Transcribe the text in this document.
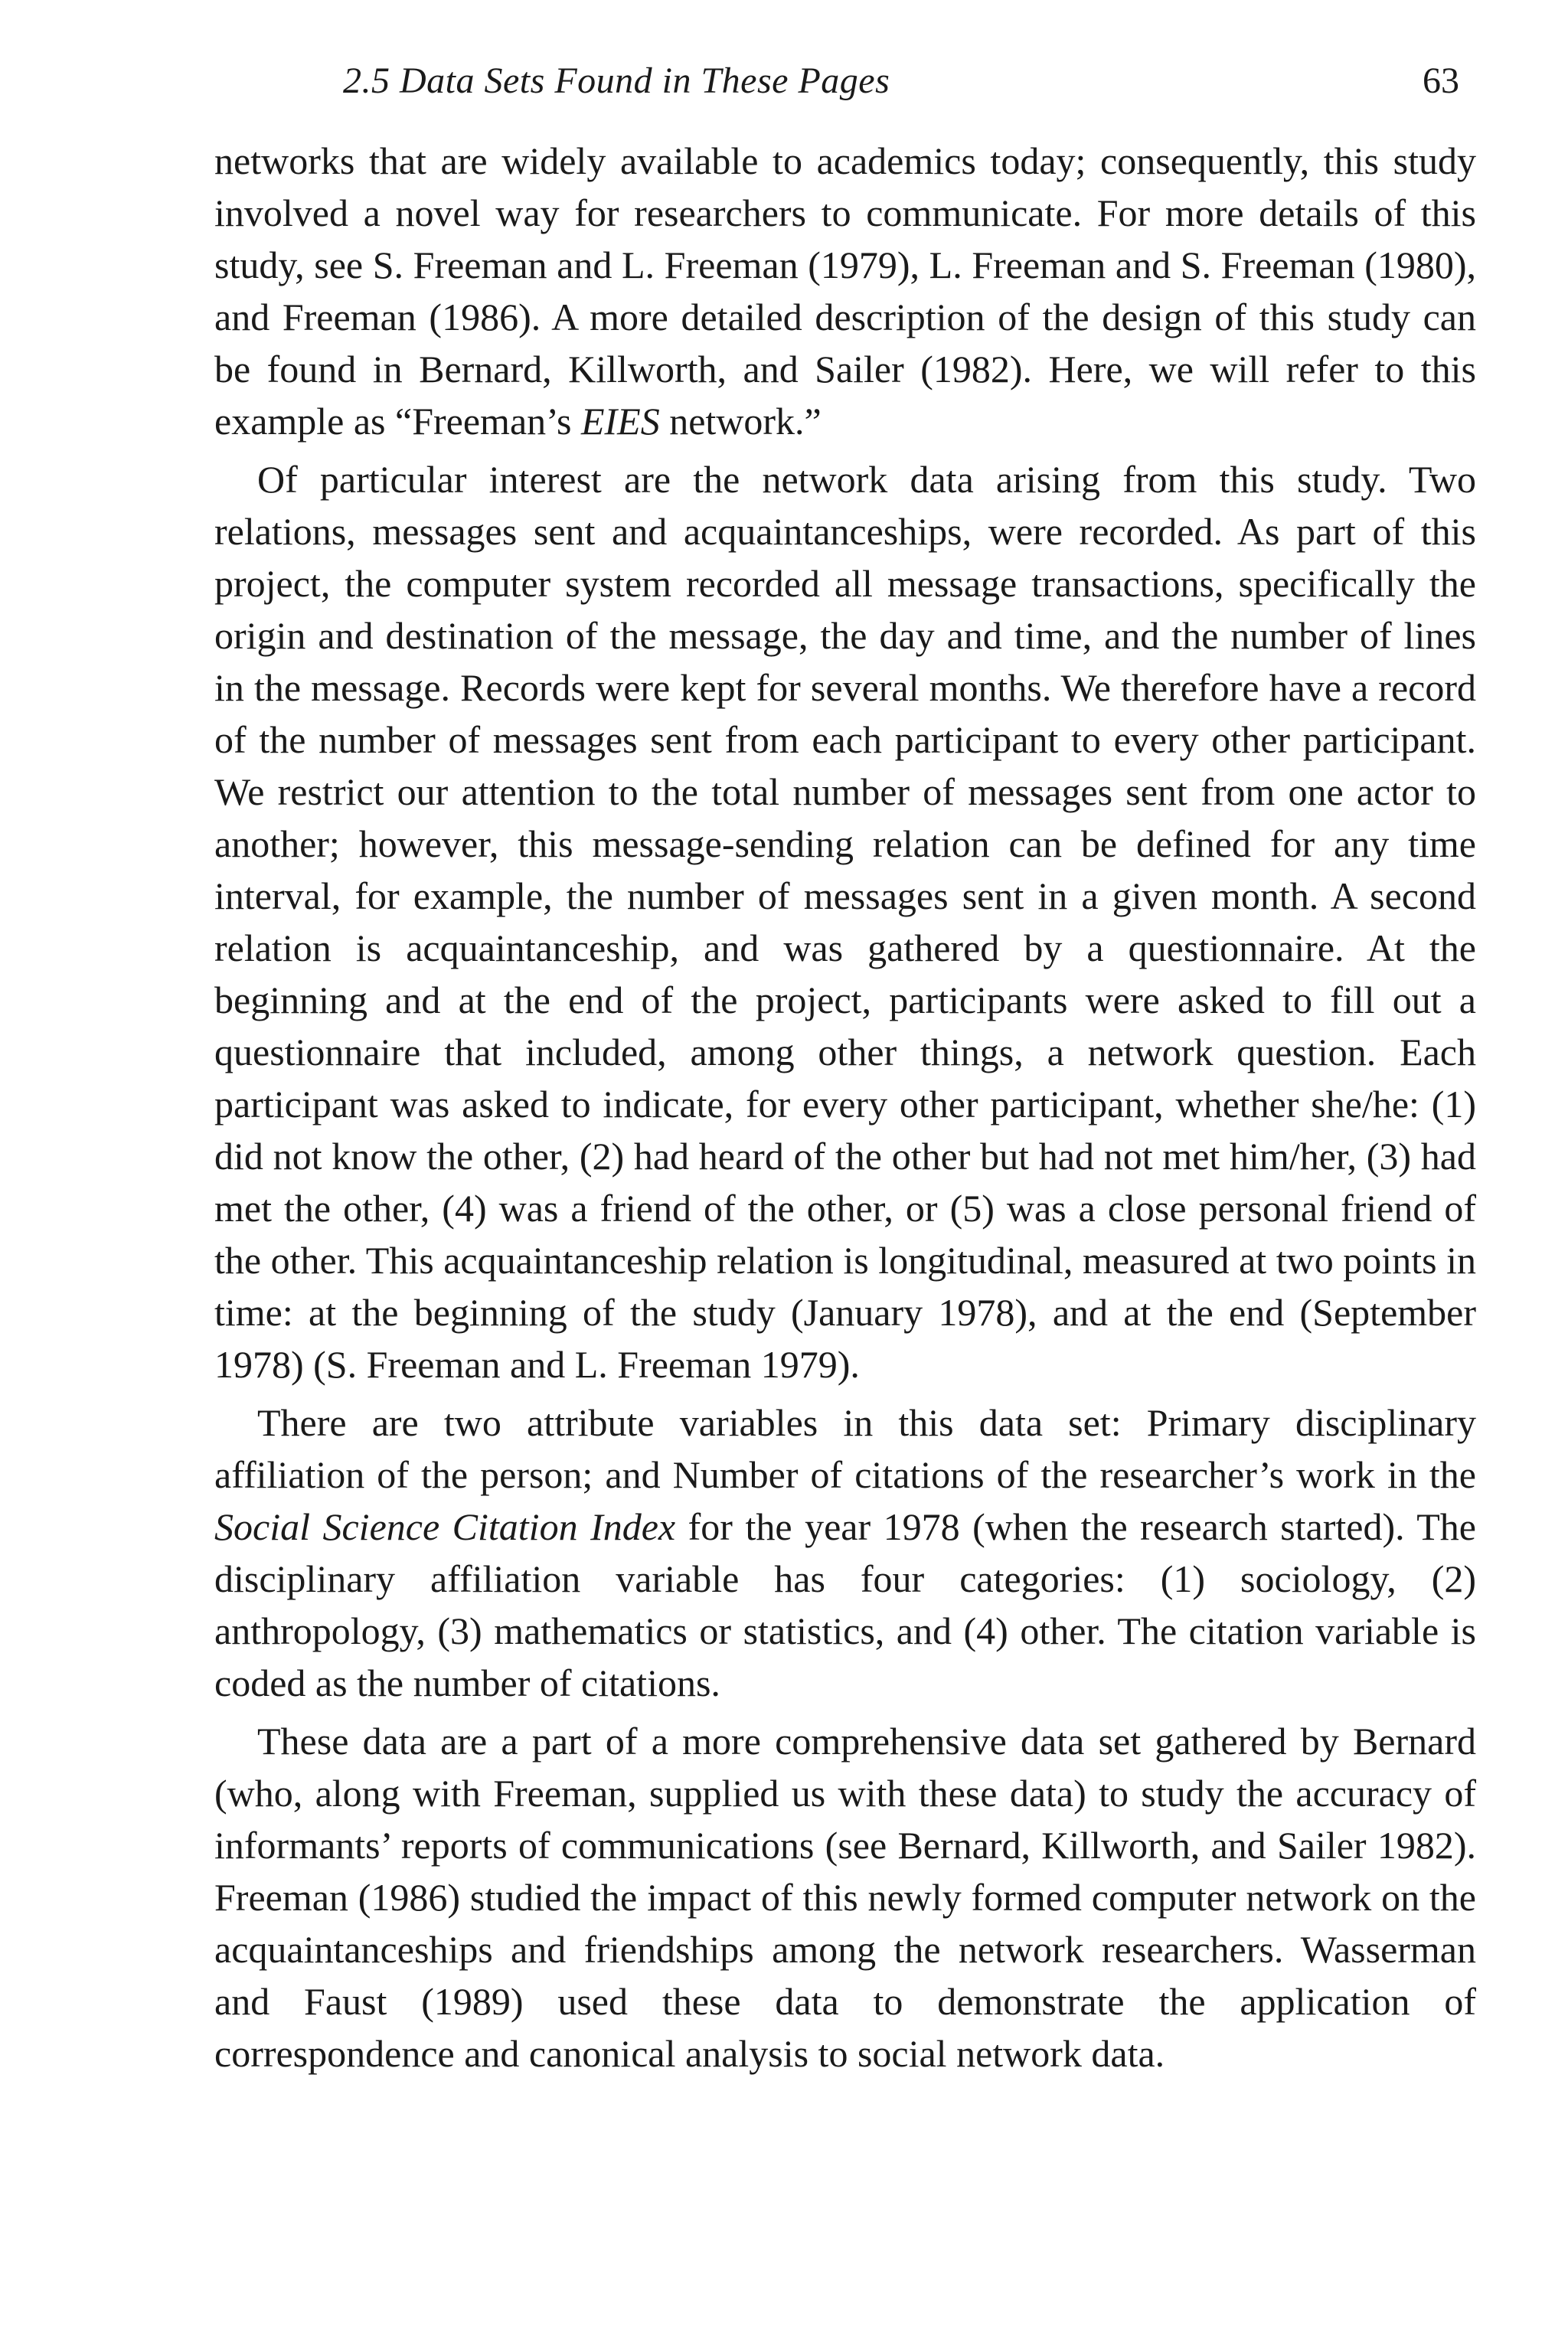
2.5 Data Sets Found in These Pages	63

networks that are widely available to academics today; consequently, this study involved a novel way for researchers to communicate. For more details of this study, see S. Freeman and L. Freeman (1979), L. Freeman and S. Freeman (1980), and Freeman (1986). A more detailed description of the design of this study can be found in Bernard, Killworth, and Sailer (1982). Here, we will refer to this example as “Freeman’s EIES network.”

Of particular interest are the network data arising from this study. Two relations, messages sent and acquaintanceships, were recorded. As part of this project, the computer system recorded all message transactions, specifically the origin and destination of the message, the day and time, and the number of lines in the message. Records were kept for several months. We therefore have a record of the number of messages sent from each participant to every other participant. We restrict our attention to the total number of messages sent from one actor to another; however, this message-sending relation can be defined for any time interval, for example, the number of messages sent in a given month. A second relation is acquaintanceship, and was gathered by a questionnaire. At the beginning and at the end of the project, participants were asked to fill out a questionnaire that included, among other things, a network question. Each participant was asked to indicate, for every other participant, whether she/he: (1) did not know the other, (2) had heard of the other but had not met him/her, (3) had met the other, (4) was a friend of the other, or (5) was a close personal friend of the other. This acquaintanceship relation is longitudinal, measured at two points in time: at the beginning of the study (January 1978), and at the end (September 1978) (S. Freeman and L. Freeman 1979).

There are two attribute variables in this data set: Primary disciplinary affiliation of the person; and Number of citations of the researcher’s work in the Social Science Citation Index for the year 1978 (when the research started). The disciplinary affiliation variable has four categories: (1) sociology, (2) anthropology, (3) mathematics or statistics, and (4) other. The citation variable is coded as the number of citations.

These data are a part of a more comprehensive data set gathered by Bernard (who, along with Freeman, supplied us with these data) to study the accuracy of informants’ reports of communications (see Bernard, Killworth, and Sailer 1982). Freeman (1986) studied the impact of this newly formed computer network on the acquaintanceships and friendships among the network researchers. Wasserman and Faust (1989) used these data to demonstrate the application of correspondence and canonical analysis to social network data.
